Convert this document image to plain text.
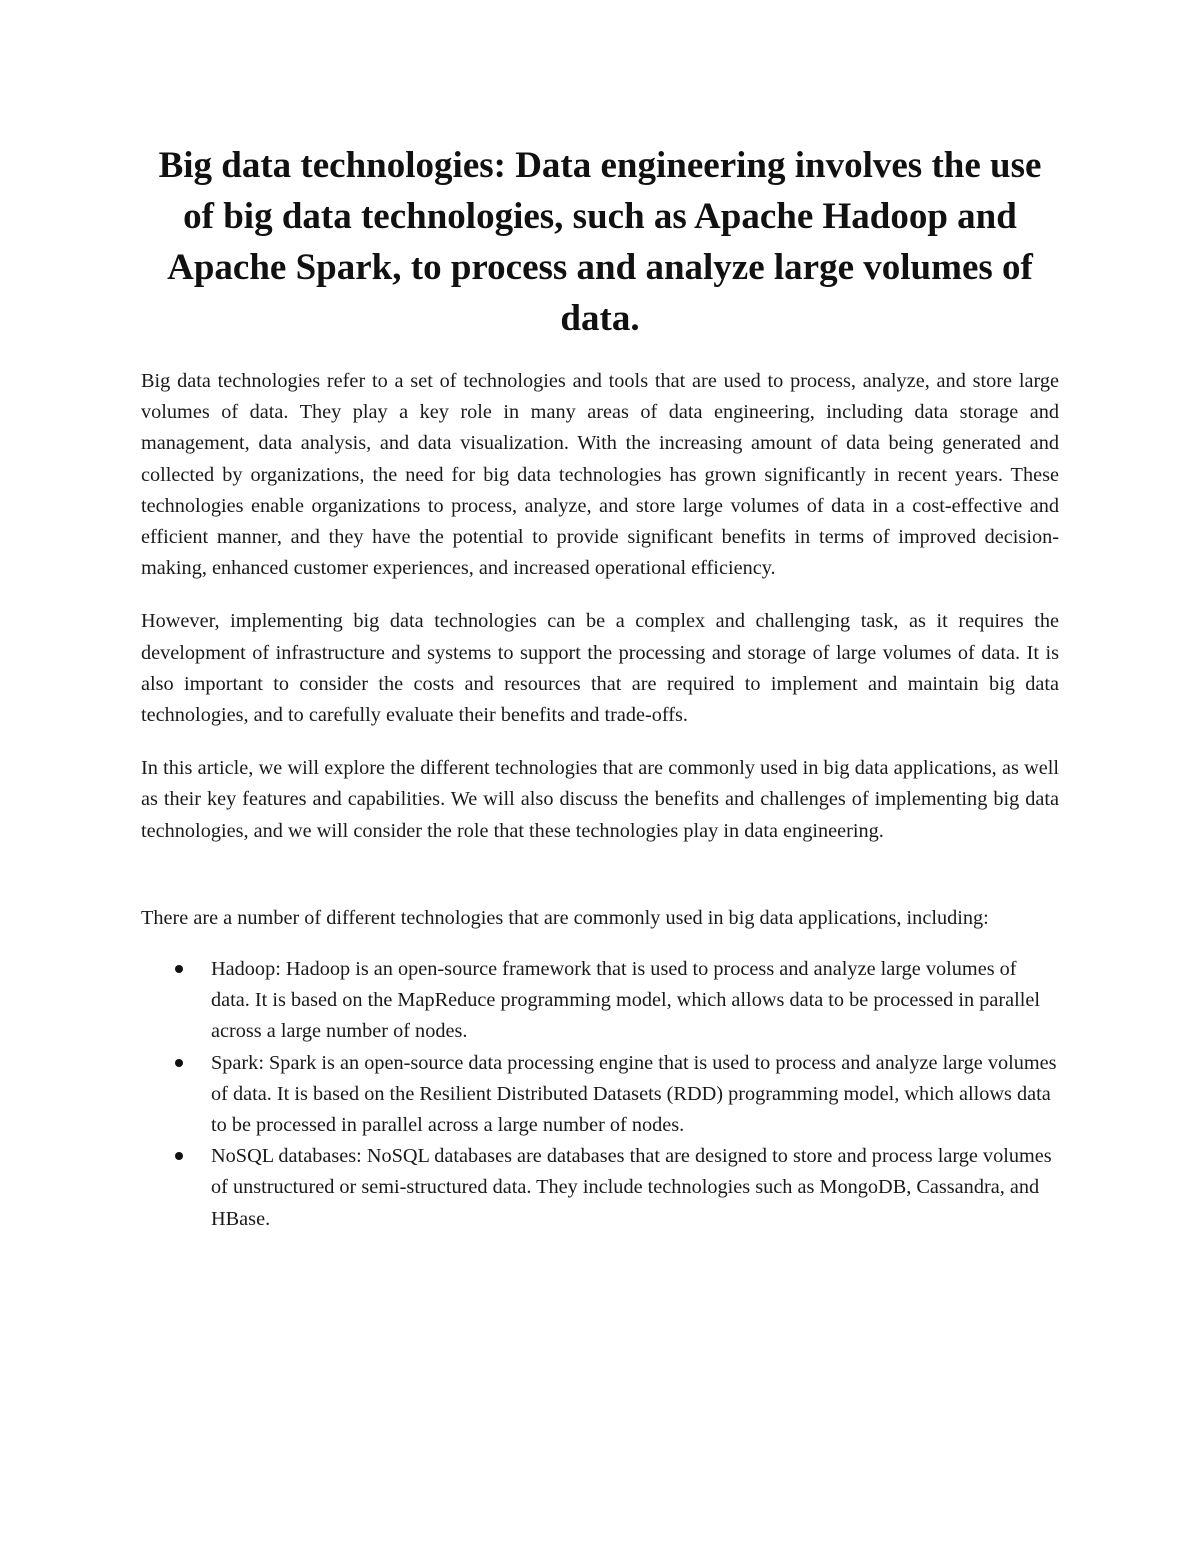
Big data technologies: Data engineering involves the use of big data technologies, such as Apache Hadoop and Apache Spark, to process and analyze large volumes of data.

Big data technologies refer to a set of technologies and tools that are used to process, analyze, and store large volumes of data. They play a key role in many areas of data engineering, including data storage and management, data analysis, and data visualization. With the increasing amount of data being generated and collected by organizations, the need for big data technologies has grown significantly in recent years. These technologies enable organizations to process, analyze, and store large volumes of data in a cost-effective and efficient manner, and they have the potential to provide significant benefits in terms of improved decision-making, enhanced customer experiences, and increased operational efficiency.

However, implementing big data technologies can be a complex and challenging task, as it requires the development of infrastructure and systems to support the processing and storage of large volumes of data. It is also important to consider the costs and resources that are required to implement and maintain big data technologies, and to carefully evaluate their benefits and trade-offs.

In this article, we will explore the different technologies that are commonly used in big data applications, as well as their key features and capabilities. We will also discuss the benefits and challenges of implementing big data technologies, and we will consider the role that these technologies play in data engineering.

There are a number of different technologies that are commonly used in big data applications, including:

Hadoop: Hadoop is an open-source framework that is used to process and analyze large volumes of data. It is based on the MapReduce programming model, which allows data to be processed in parallel across a large number of nodes.
Spark: Spark is an open-source data processing engine that is used to process and analyze large volumes of data. It is based on the Resilient Distributed Datasets (RDD) programming model, which allows data to be processed in parallel across a large number of nodes.
NoSQL databases: NoSQL databases are databases that are designed to store and process large volumes of unstructured or semi-structured data. They include technologies such as MongoDB, Cassandra, and HBase.
